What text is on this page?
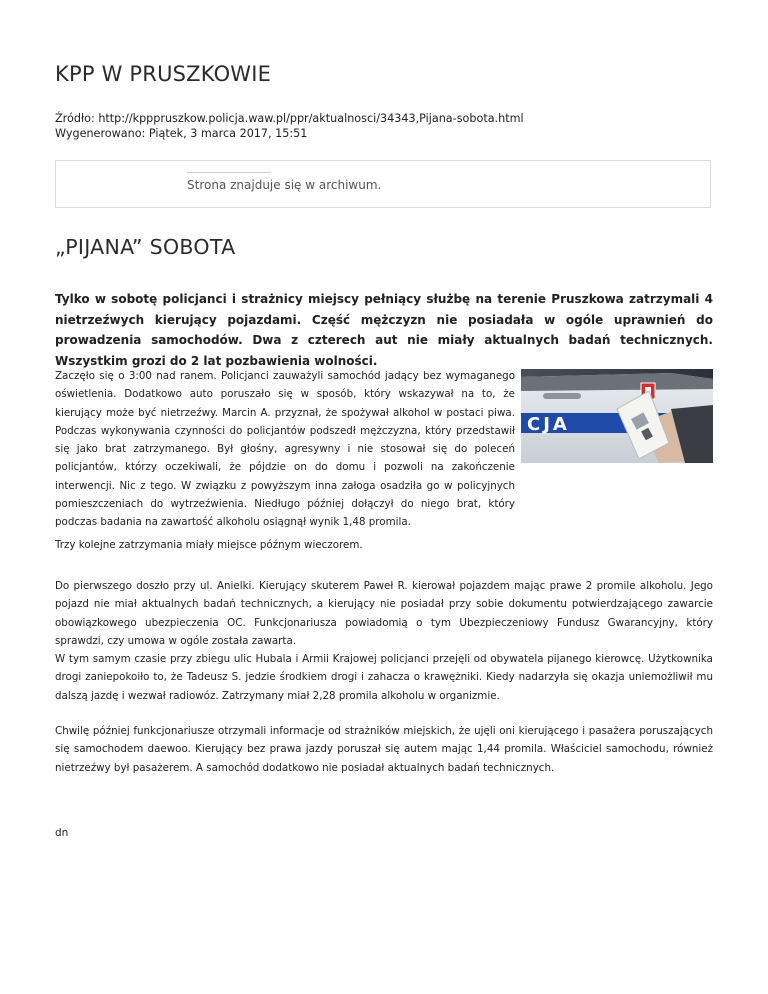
KPP W PRUSZKOWIE
Źródło: http://kpppruszkow.policja.waw.pl/ppr/aktualnosci/34343,Pijana-sobota.html
Wygenerowano: Piątek, 3 marca 2017, 15:51
Strona znajduje się w archiwum.
„PIJANA” SOBOTA

Tylko w sobotę policjanci i strażnicy miejscy pełniący służbę na terenie Pruszkowa zatrzymali 4 nietrzeźwych kierujący pojazdami. Część mężczyzn nie posiadała w ogóle uprawnień do prowadzenia samochodów. Dwa z czterech aut nie miały aktualnych badań technicznych. Wszystkim grozi do 2 lat pozbawienia wolności.

CJA

Zaczęło się o 3:00 nad ranem. Policjanci zauważyli samochód jadący bez wymaganego oświetlenia. Dodatkowo auto poruszało się w sposób, który wskazywał na to, że kierujący może być nietrzeźwy. Marcin A. przyznał, że spożywał alkohol w postaci piwa. Podczas wykonywania czynności do policjantów podszedł mężczyzna, który przedstawił się jako brat zatrzymanego. Był głośny, agresywny i nie stosował się do poleceń policjantów, którzy oczekiwali, że pójdzie on do domu i pozwoli na zakończenie interwencji. Nic z tego. W związku z powyższym inna załoga osadziła go w policyjnych pomieszczeniach do wytrzeźwienia. Niedługo później dołączył do niego brat, który podczas badania na zawartość alkoholu osiągnął wynik 1,48 promila.

Trzy kolejne zatrzymania miały miejsce późnym wieczorem.

Do pierwszego doszło przy ul. Anielki. Kierujący skuterem Paweł R. kierował pojazdem mając prawe 2 promile alkoholu. Jego pojazd nie miał aktualnych badań technicznych, a kierujący nie posiadał przy sobie dokumentu potwierdzającego zawarcie obowiązkowego ubezpieczenia OC. Funkcjonariusza powiadomią o tym Ubezpieczeniowy Fundusz Gwarancyjny, który sprawdzi, czy umowa w ogóle została zawarta.

W tym samym czasie przy zbiegu ulic Hubala i Armii Krajowej policjanci przejęli od obywatela pijanego kierowcę. Użytkownika drogi zaniepokoiło to, że Tadeusz S. jedzie środkiem drogi i zahacza o krawężniki. Kiedy nadarzyła się okazja uniemożliwił mu dalszą jazdę i wezwał radiowóz. Zatrzymany miał 2,28 promila alkoholu w organizmie.

Chwilę później funkcjonariusze otrzymali informacje od strażników miejskich, że ujęli oni kierującego i pasażera poruszających się samochodem daewoo. Kierujący bez prawa jazdy poruszał się autem mając 1,44 promila. Właściciel samochodu, również nietrzeźwy był pasażerem. A samochód dodatkowo nie posiadał aktualnych badań technicznych.

dn
